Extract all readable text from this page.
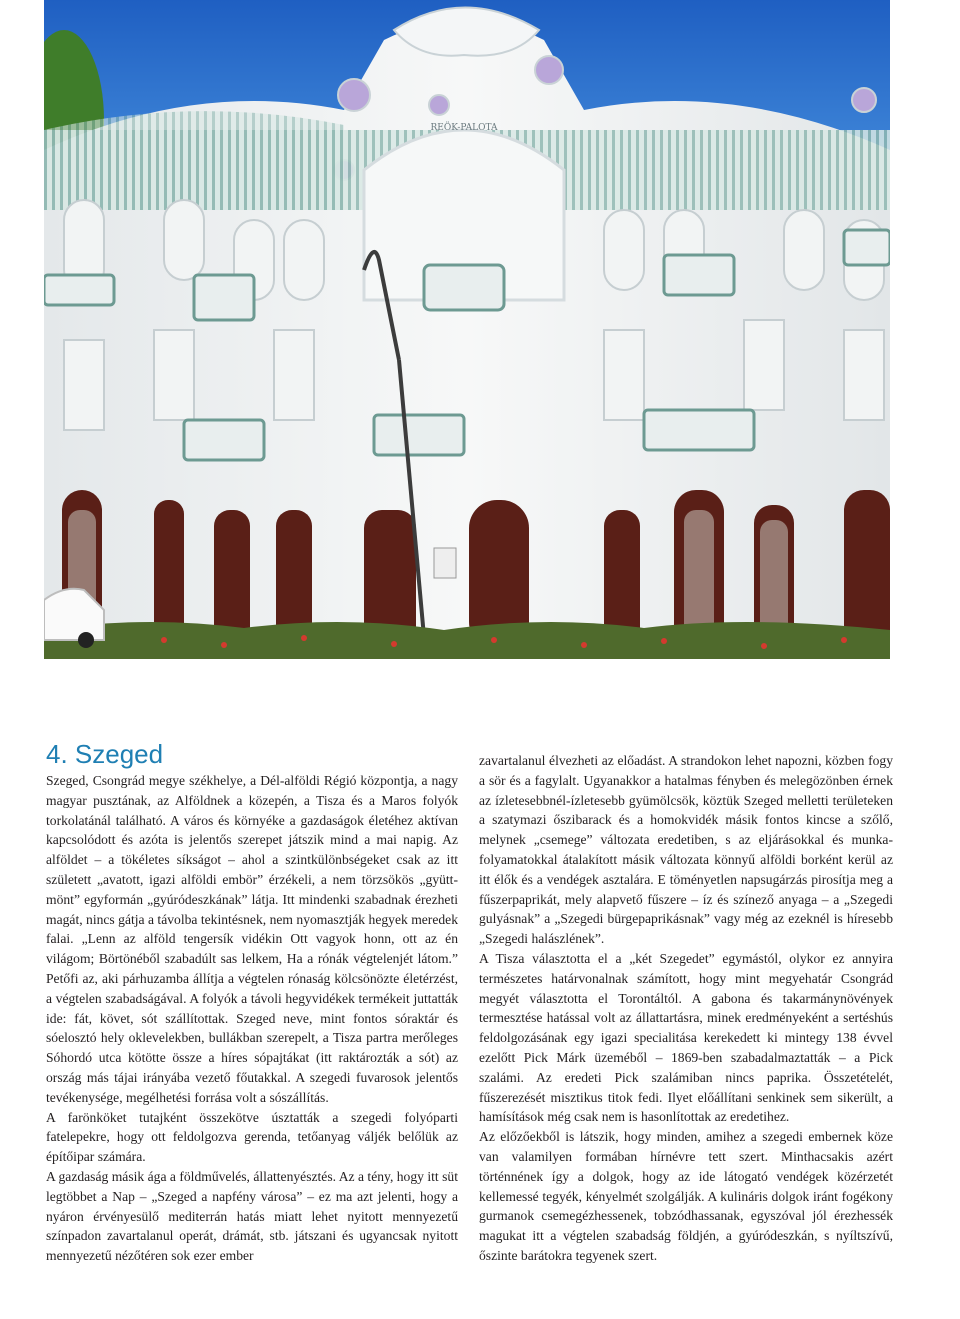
REÖK-PALOTA
4. Szeged

Szeged, Csongrád megye székhelye, a Dél-alföldi Régió központja, a nagy magyar pusztának, az Alföldnek a közepén, a Tisza és a Maros folyók torkolatánál található. A város és környéke a gazdaságok életéhez aktívan kapcsolódott és azóta is jelentős szerepet játszik mind a mai napig. Az alföldet – a tökéletes síkságot – ahol a szintkülönbségeket csak az itt született „avatott, igazi alföldi embör” érzékeli, a nem törzsökös „gyütt-mönt” egyformán „gyúródeszkának” látja. Itt mindenki szabadnak érezheti magát, nincs gátja a távolba tekintésnek, nem nyomasztják hegyek meredek falai. „Lenn az alföld tengersík vidékin Ott vagyok honn, ott az én világom; Börtönéből szabadúlt sas lelkem, Ha a rónák végtelenjét látom.” Petőfi az, aki párhuzamba állítja a végtelen rónaság kölcsönözte életérzést, a végtelen szabadságával. A folyók a távoli hegyvidékek termékeit juttatták ide: fát, követ, sót szállítottak. Szeged neve, mint fontos sóraktár és sóelosztó hely oklevelekben, bullákban szerepelt, a Tisza partra merőleges Sóhordó utca kötötte össze a híres sópajtákat (itt raktározták a sót) az ország más tájai irányába vezető főutakkal. A szegedi fuvarosok jelentős tevékenysége, megélhetési forrása volt a sószállítás.

A farönköket tutajként összekötve úsztatták a szegedi folyóparti fatelepekre, hogy ott feldolgozva gerenda, tetőanyag váljék belőlük az építőipar számára.

A gazdaság másik ága a földművelés, állattenyésztés. Az a tény, hogy itt süt legtöbbet a Nap – „Szeged a napfény városa” – ez ma azt jelenti, hogy a nyáron érvényesülő mediterrán hatás miatt lehet nyitott mennyezetű színpadon zavartalanul operát, drámát, stb. játszani és ugyancsak nyitott mennyezetű nézőtéren sok ezer ember

zavartalanul élvezheti az előadást. A strandokon lehet napozni, közben fogy a sör és a fagylalt. Ugyanakkor a hatalmas fényben és melegözönben érnek az ízletesebbnél-ízletesebb gyümölcsök, köztük Szeged melletti területeken a szatymazi őszibarack és a homokvidék másik fontos kincse a szőlő, melynek „csemege” változata eredetiben, s az eljárásokkal és munka-folyamatokkal átalakított másik változata könnyű alföldi borként kerül az itt élők és a vendégek asztalára. E töményetlen napsugárzás pirosítja meg a fűszerpaprikát, mely alapvető fűszere – íz és színező anyaga – a „Szegedi gulyásnak” a „Szegedi bürgepaprikásnak” vagy még az ezeknél is híresebb „Szegedi halászlének”.

A Tisza választotta el a „két Szegedet” egymástól, olykor ez annyira természetes határvonalnak számított, hogy mint megyehatár Csongrád megyét választotta el Torontáltól. A gabona és takarmánynövények termesztése hatással volt az állattartásra, minek eredményeként a sertéshús feldolgozásának egy igazi specialitása kerekedett ki mintegy 138 évvel ezelőtt Pick Márk üzeméből – 1869-ben szabadalmaztatták – a Pick szalámi. Az eredeti Pick szalámiban nincs paprika. Összetételét, fűszerezését misztikus titok fedi. Ilyet előállítani senkinek sem sikerült, a hamísítások még csak nem is hasonlítottak az eredetihez.

Az előzőekből is látszik, hogy minden, amihez a szegedi embernek köze van valamilyen formában hírnévre tett szert. Minthacsakis azért történnének így a dolgok, hogy az ide látogató vendégek közérzetét kellemessé tegyék, kényelmét szolgálják. A kulináris dolgok iránt fogékony gurmanok csemegézhessenek, tobzódhassanak, egyszóval jól érezhessék magukat itt a végtelen szabadság földjén, a gyúródeszkán, s nyíltszívű, őszinte barátokra tegyenek szert.
